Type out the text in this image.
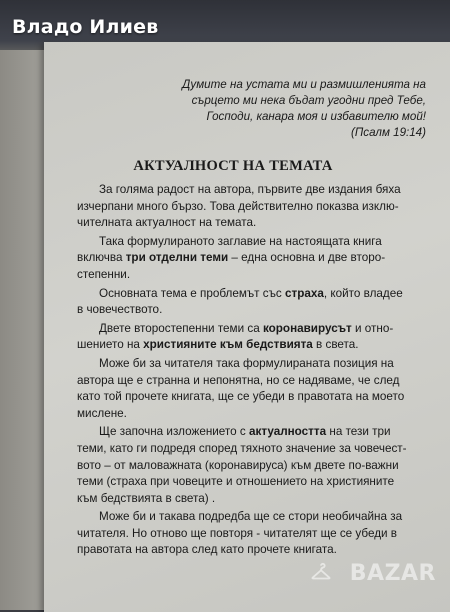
Владо Илиев
Думите на устата ми и размишленията на
сърцето ми нека бъдат угодни пред Тебе,
Господи, канара моя и избавителю мой!
(Псалм 19:14)
АКТУАЛНОСТ НА ТЕМАТА

За голяма радост на автора, първите две издания бяха
изчерпани много бързо. Това действително показва изклю-
чителната актуалност на темата.

Така формулираното заглавие на настоящата книга
включва три отделни теми – една основна и две второ-
степенни.

Основната тема е проблемът със страха, който владее
в човечеството.

Двете второстепенни теми са коронавирусът и отно-
шението на християните към бедствията в света.

Може би за читателя така формулираната позиция на
автора ще е странна и непонятна, но се надяваме, че след
като той прочете книгата, ще се убеди в правотата на моето
мислене.

Ще започна изложението с актуалността на тези три
теми, като ги подредя според тяхното значение за човечест-
вото – от маловажната (коронавируса) към двете по-важни
теми (страха при човеците и отношението на християните
към бедствията в света) .

Може би и такава подредба ще се стори необичайна за
читателя. Но отново ще повторя - читателят ще се убеди в
правотата на автора след като прочете книгата.

BAZAR
